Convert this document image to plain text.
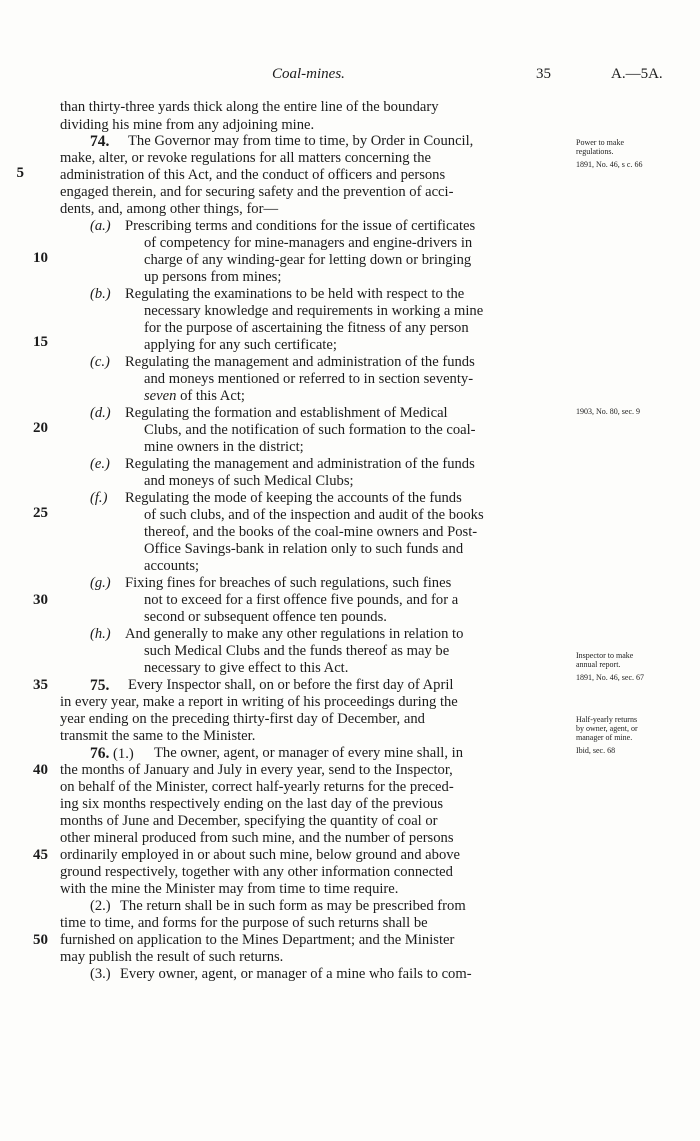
Coal-mines.	35	A.—5A.
than thirty-three yards thick along the entire line of the boundary
dividing his mine from any adjoining mine.
74. The Governor may from time to time, by Order in Council,
make, alter, or revoke regulations for all matters concerning the
administration of this Act, and the conduct of officers and persons
engaged therein, and for securing safety and the prevention of acci-
dents, and, among other things, for—
(a.) Prescribing terms and conditions for the issue of certificates
of competency for mine-managers and engine-drivers in
charge of any winding-gear for letting down or bringing
up persons from mines;
(b.) Regulating the examinations to be held with respect to the
necessary knowledge and requirements in working a mine
for the purpose of ascertaining the fitness of any person
applying for any such certificate;
(c.) Regulating the management and administration of the funds
and moneys mentioned or referred to in section seventy-
seven of this Act;
(d.) Regulating the formation and establishment of Medical
Clubs, and the notification of such formation to the coal-
mine owners in the district;
(e.) Regulating the management and administration of the funds
and moneys of such Medical Clubs;
(f.) Regulating the mode of keeping the accounts of the funds
of such clubs, and of the inspection and audit of the books
thereof, and the books of the coal-mine owners and Post-
Office Savings-bank in relation only to such funds and
accounts;
(g.) Fixing fines for breaches of such regulations, such fines
not to exceed for a first offence five pounds, and for a
second or subsequent offence ten pounds.
(h.) And generally to make any other regulations in relation to
such Medical Clubs and the funds thereof as may be
necessary to give effect to this Act.
75. Every Inspector shall, on or before the first day of April
in every year, make a report in writing of his proceedings during the
year ending on the preceding thirty-first day of December, and
transmit the same to the Minister.
76. (1.) The owner, agent, or manager of every mine shall, in
the months of January and July in every year, send to the Inspector,
on behalf of the Minister, correct half-yearly returns for the preced-
ing six months respectively ending on the last day of the previous
months of June and December, specifying the quantity of coal or
other mineral produced from such mine, and the number of persons
ordinarily employed in or about such mine, below ground and above
ground respectively, together with any other information connected
with the mine the Minister may from time to time require.
(2.) The return shall be in such form as may be prescribed from
time to time, and forms for the purpose of such returns shall be
furnished on application to the Mines Department; and the Minister
may publish the result of such returns.
(3.) Every owner, agent, or manager of a mine who fails to com-
5
10
15
20
25
30
35
40
45
50
Power to make
regulations.
1891, No. 46, s c. 66
1903, No. 80, sec. 9
Inspector to make
annual report.
1891, No. 46, sec. 67
Half-yearly returns
by owner, agent, or
manager of mine.
Ibid, sec. 68
